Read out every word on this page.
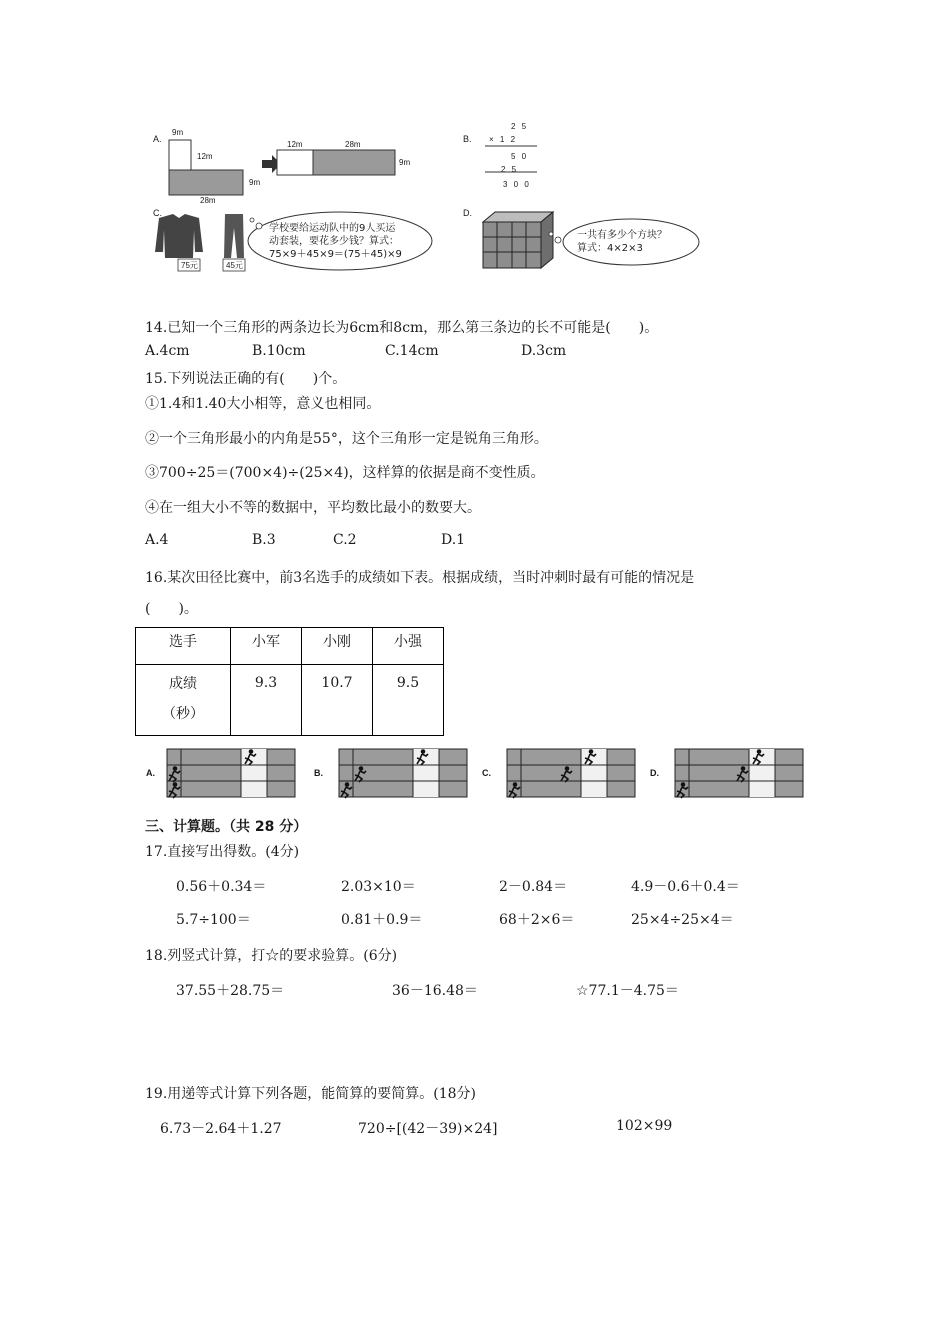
A.
9m
12m
28m
9m
12m	28m
9m
B.
2 5
× 1 2
5 0
2 5
3 0 0
C.
75元	45元
学校要给运动队中的9人买运
动套装，要花多少钱？算式：
75×9＋45×9＝(75＋45)×9
D.
一共有多少个方块？
算式：4×2×3
14.已知一个三角形的两条边长为6cm和8cm，那么第三条边的长不可能是(　　)。
A.4cm	B.10cm	C.14cm	D.3cm
15.下列说法正确的有(　　)个。
①1.4和1.40大小相等，意义也相同。
②一个三角形最小的内角是55°，这个三角形一定是锐角三角形。
③700÷25＝(700×4)÷(25×4)，这样算的依据是商不变性质。
④在一组大小不等的数据中，平均数比最小的数要大。
A.4	B.3	C.2	D.1
16.某次田径比赛中，前3名选手的成绩如下表。根据成绩，当时冲刺时最有可能的情况是
(　　)。
选手	小军	小刚	小强

成绩
（秒）	9.3	10.7	9.5
A.	B.	C.	D.
三、计算题。（共 28 分）
17.直接写出得数。(4分)
0.56＋0.34＝	2.03×10＝	2－0.84＝	4.9－0.6＋0.4＝
5.7÷100＝	0.81＋0.9＝	68＋2×6＝	25×4÷25×4＝
18.列竖式计算，打☆的要求验算。(6分)
37.55＋28.75＝	36－16.48＝	☆77.1－4.75＝
19.用递等式计算下列各题，能简算的要简算。(18分)
6.73－2.64＋1.27	720÷[(42－39)×24]	102×99
